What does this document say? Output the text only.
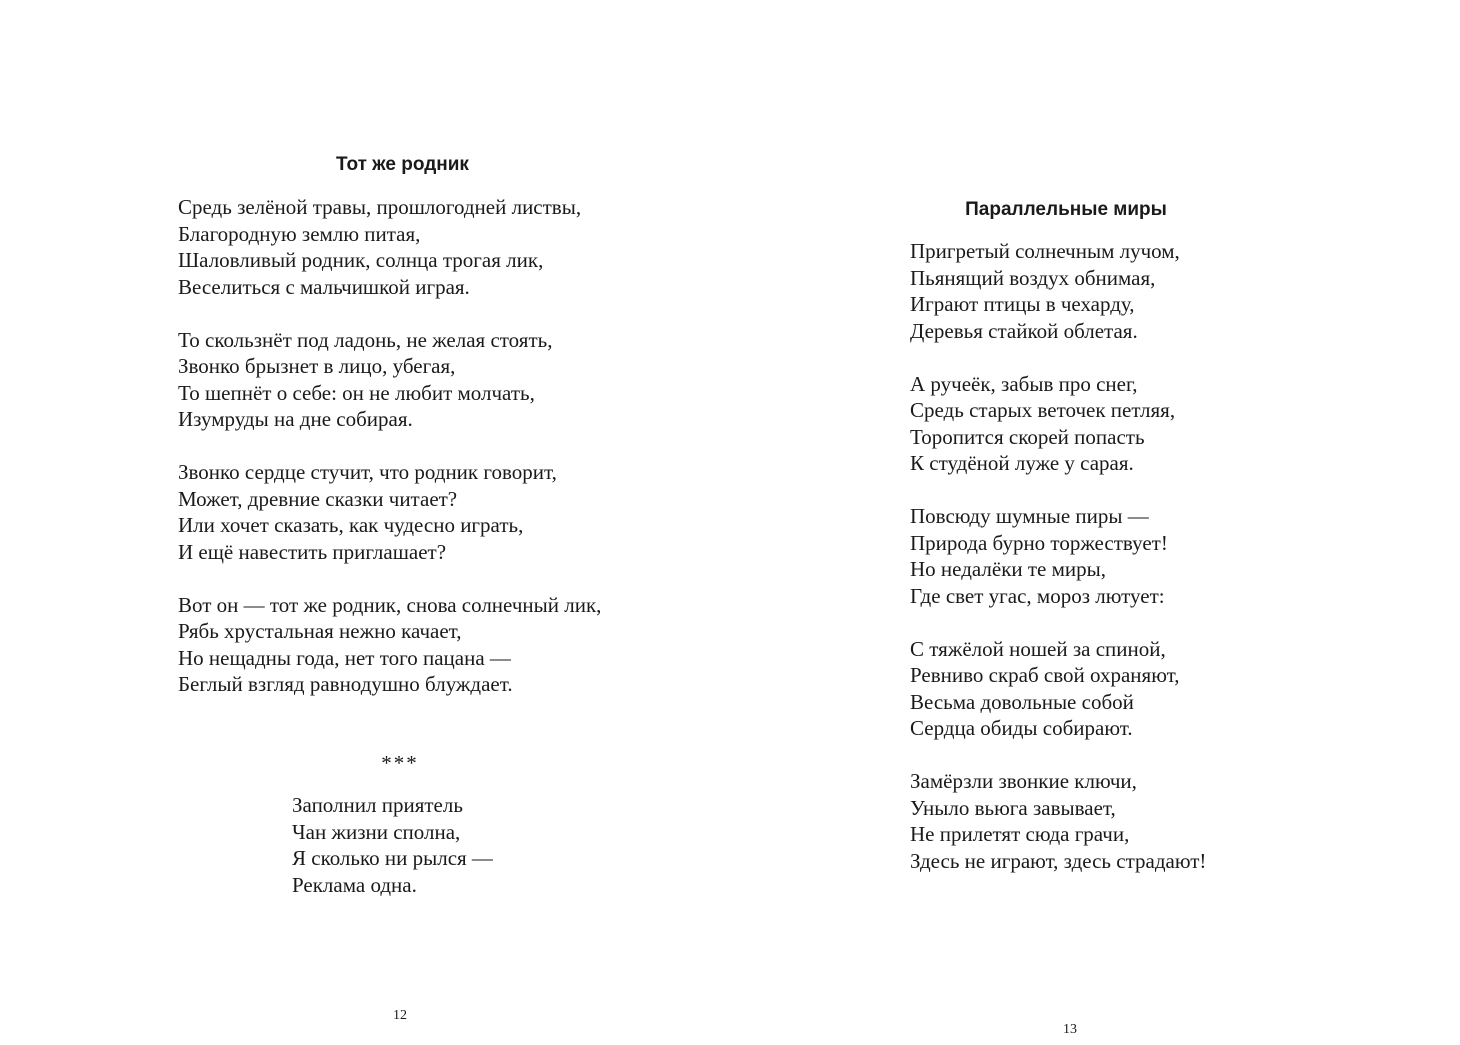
Тот же родник
Средь зелёной травы, прошлогодней листвы,
Благородную землю питая,
Шаловливый родник, солнца трогая лик,
Веселиться с мальчишкой играя.
То скользнёт под ладонь, не желая стоять,
Звонко брызнет в лицо, убегая,
То шепнёт о себе: он не любит молчать,
Изумруды на дне собирая.
Звонко сердце стучит, что родник говорит,
Может, древние сказки читает?
Или хочет сказать, как чудесно играть,
И ещё навестить приглашает?
Вот он — тот же родник, снова солнечный лик,
Рябь хрустальная нежно качает,
Но нещадны года, нет того пацана —
Беглый взгляд равнодушно блуждает.
***
Заполнил приятель
Чан жизни сполна,
Я сколько ни рылся —
Реклама одна.
12
Параллельные миры
Пригретый солнечным лучом,
Пьянящий воздух обнимая,
Играют птицы в чехарду,
Деревья стайкой облетая.
А ручеёк, забыв про снег,
Средь старых веточек петляя,
Торопится скорей попасть
К студёной луже у сарая.
Повсюду шумные пиры —
Природа бурно торжествует!
Но недалёки те миры,
Где свет угас, мороз лютует:
С тяжёлой ношей за спиной,
Ревниво скраб свой охраняют,
Весьма довольные собой
Сердца обиды собирают.
Замёрзли звонкие ключи,
Уныло вьюга завывает,
Не прилетят сюда грачи,
Здесь не играют, здесь страдают!
13
